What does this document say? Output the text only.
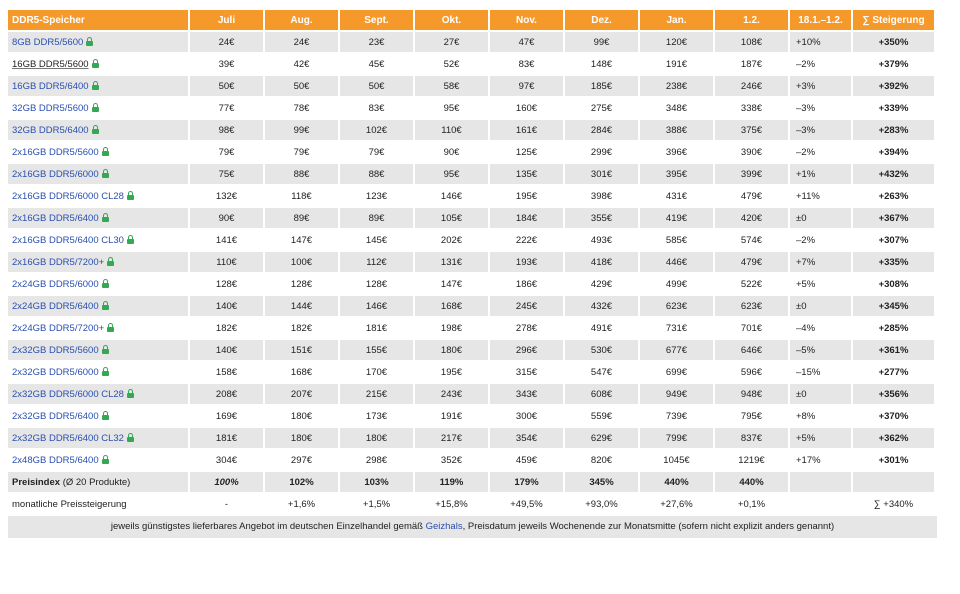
DDR5-Speicher	Juli	Aug.	Sept.	Okt.	Nov.	Dez.	Jan.	1.2.	18.1.–1.2.	∑ Steigerung
8GB DDR5/5600	24€	24€	23€	27€	47€	99€	120€	108€	+10%	+350%
16GB DDR5/5600	39€	42€	45€	52€	83€	148€	191€	187€	–2%	+379%
16GB DDR5/6400	50€	50€	50€	58€	97€	185€	238€	246€	+3%	+392%
32GB DDR5/5600	77€	78€	83€	95€	160€	275€	348€	338€	–3%	+339%
32GB DDR5/6400	98€	99€	102€	110€	161€	284€	388€	375€	–3%	+283%
2x16GB DDR5/5600	79€	79€	79€	90€	125€	299€	396€	390€	–2%	+394%
2x16GB DDR5/6000	75€	88€	88€	95€	135€	301€	395€	399€	+1%	+432%
2x16GB DDR5/6000 CL28	132€	118€	123€	146€	195€	398€	431€	479€	+11%	+263%
2x16GB DDR5/6400	90€	89€	89€	105€	184€	355€	419€	420€	±0	+367%
2x16GB DDR5/6400 CL30	141€	147€	145€	202€	222€	493€	585€	574€	–2%	+307%
2x16GB DDR5/7200+	110€	100€	112€	131€	193€	418€	446€	479€	+7%	+335%
2x24GB DDR5/6000	128€	128€	128€	147€	186€	429€	499€	522€	+5%	+308%
2x24GB DDR5/6400	140€	144€	146€	168€	245€	432€	623€	623€	±0	+345%
2x24GB DDR5/7200+	182€	182€	181€	198€	278€	491€	731€	701€	–4%	+285%
2x32GB DDR5/5600	140€	151€	155€	180€	296€	530€	677€	646€	–5%	+361%
2x32GB DDR5/6000	158€	168€	170€	195€	315€	547€	699€	596€	–15%	+277%
2x32GB DDR5/6000 CL28	208€	207€	215€	243€	343€	608€	949€	948€	±0	+356%
2x32GB DDR5/6400	169€	180€	173€	191€	300€	559€	739€	795€	+8%	+370%
2x32GB DDR5/6400 CL32	181€	180€	180€	217€	354€	629€	799€	837€	+5%	+362%
2x48GB DDR5/6400	304€	297€	298€	352€	459€	820€	1045€	1219€	+17%	+301%
Preisindex (Ø 20 Produkte)	100%	102%	103%	119%	179%	345%	440%	440%		
monatliche Preissteigerung	-	+1,6%	+1,5%	+15,8%	+49,5%	+93,0%	+27,6%	+0,1%		∑ +340%
jeweils günstigstes lieferbares Angebot im deutschen Einzelhandel gemäß Geizhals, Preisdatum jeweils Wochenende zur Monatsmitte (sofern nicht explizit anders genannt)
